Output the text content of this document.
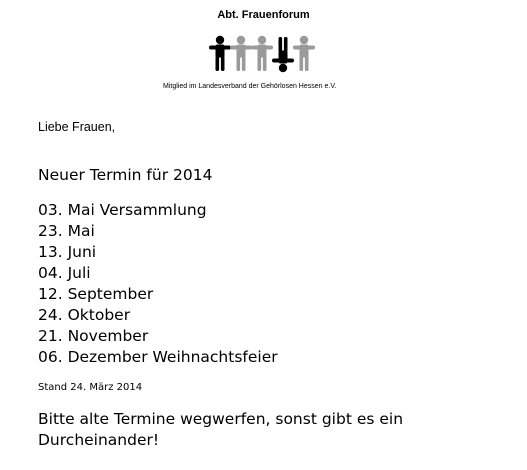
Abt. Frauenforum
Mitglied im Landesverband der Gehörlosen Hessen e.V.
Liebe Frauen,
Neuer Termin für 2014
03. Mai Versammlung
23. Mai
13. Juni
04. Juli
12. September
24. Oktober
21. November
06. Dezember Weihnachtsfeier
Stand 24. März 2014
Bitte alte Termine wegwerfen, sonst gibt es ein Durcheinander!
